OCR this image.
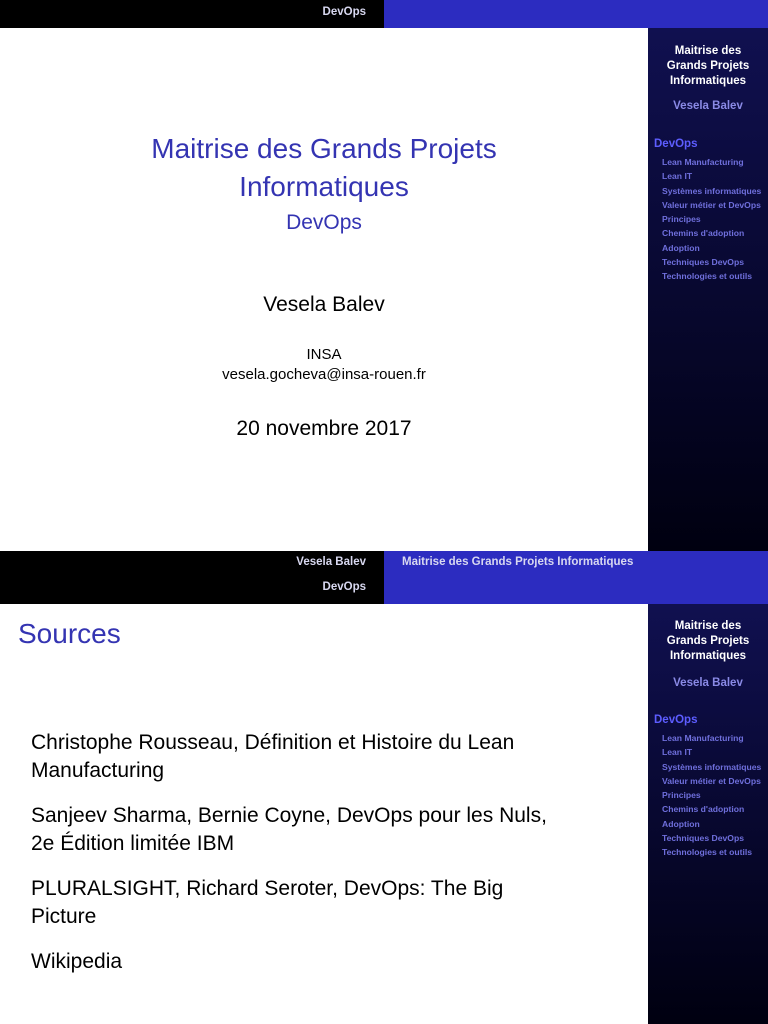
DevOps
Maitrise des Grands Projets
Informatiques
DevOps
Vesela Balev
INSA
vesela.gocheva@insa-rouen.fr
20 novembre 2017
Maitrise des
Grands Projets
Informatiques
Vesela Balev
DevOps
Lean Manufacturing
Lean IT
Systèmes informatiques
Valeur métier et DevOps
Principes
Chemins d'adoption
Adoption
Techniques DevOps
Technologies et outils
Vesela Balev	Maitrise des Grands Projets Informatiques
DevOps
Sources
Christophe Rousseau, Définition et Histoire du Lean
Manufacturing
Sanjeev Sharma, Bernie Coyne, DevOps pour les Nuls,
2e Édition limitée IBM
PLURALSIGHT, Richard Seroter, DevOps: The Big
Picture
Wikipedia
Maitrise des
Grands Projets
Informatiques
Vesela Balev
DevOps
Lean Manufacturing
Lean IT
Systèmes informatiques
Valeur métier et DevOps
Principes
Chemins d'adoption
Adoption
Techniques DevOps
Technologies et outils
